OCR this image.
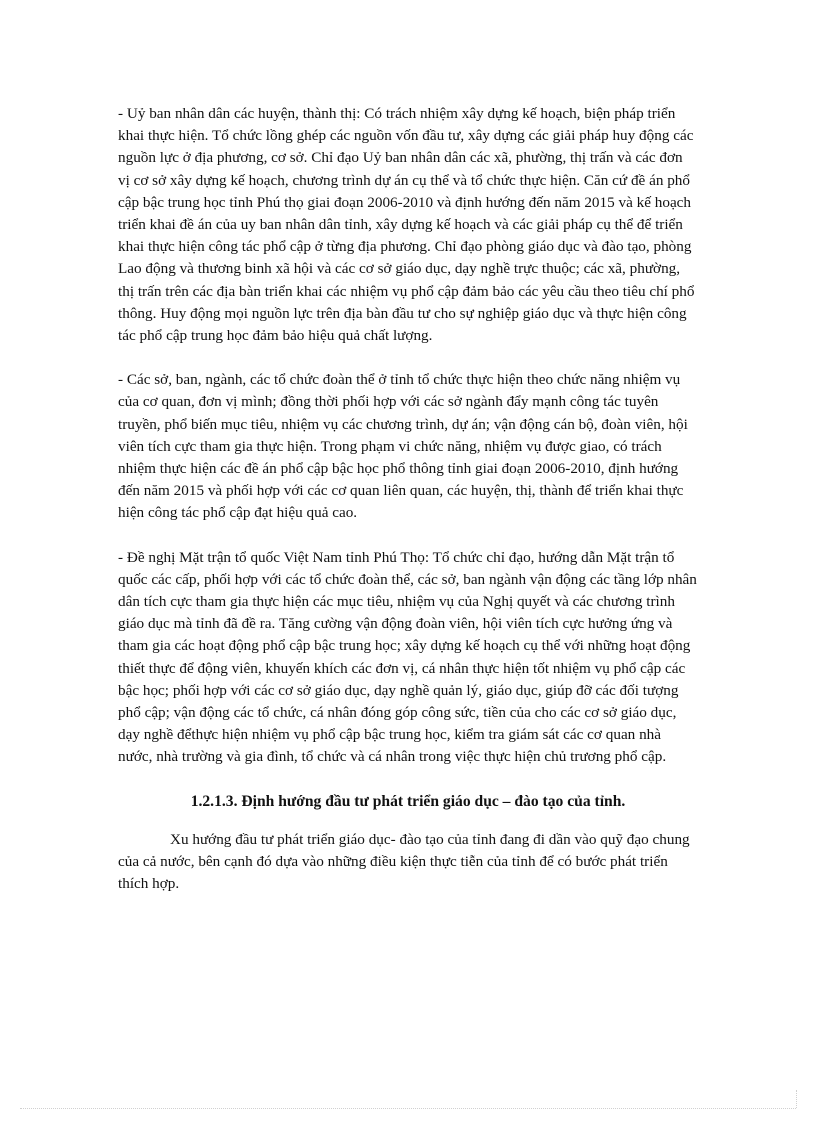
- Uỷ ban nhân dân các huyện, thành thị: Có trách nhiệm xây dựng kế hoạch, biện pháp triển khai thực hiện. Tổ chức lồng ghép các nguồn vốn đầu tư, xây dựng các giải pháp huy động các nguồn lực ở địa phương, cơ sở. Chỉ đạo Uỷ ban nhân dân các xã, phường, thị trấn và các đơn vị cơ sở xây dựng kế hoạch, chương trình dự án cụ thể và tổ chức thực hiện. Căn cứ đề án phổ cập bậc trung học tỉnh Phú thọ giai đoạn 2006-2010 và định hướng đến năm 2015 và kế hoạch triển khai đề án của uy ban nhân dân tỉnh, xây dựng kế hoạch và các giải pháp cụ thể để triển khai thực hiện công tác phổ cập ở từng địa phương. Chỉ đạo phòng giáo dục và đào tạo, phòng Lao động và thương binh xã hội và các cơ sở giáo dục, dạy nghề trực thuộc; các xã, phường, thị trấn trên các địa bàn triển khai các nhiệm vụ phổ cập đảm bảo các yêu cầu theo tiêu chí phổ thông. Huy động mọi nguồn lực trên địa bàn đầu tư cho sự nghiệp giáo dục và thực hiện công tác phổ cập trung học đảm bảo hiệu quả chất lượng.

- Các sở, ban, ngành, các tổ chức đoàn thể ở tỉnh tổ chức thực hiện theo chức năng nhiệm vụ của cơ quan, đơn vị mình; đồng thời phối hợp với các sở ngành đẩy mạnh công tác tuyên truyền, phổ biến mục tiêu, nhiệm vụ các chương trình, dự án; vận động cán bộ, đoàn viên, hội viên tích cực tham gia thực hiện. Trong phạm vi chức năng, nhiệm vụ được giao, có trách nhiệm thực hiện các đề án phổ cập bậc học phổ thông tỉnh giai đoạn 2006-2010, định hướng đến năm 2015 và phối hợp với các cơ quan liên quan, các huyện, thị, thành để triển khai thực hiện công tác phổ cập đạt hiệu quả cao.

- Đề nghị Mặt trận tổ quốc Việt Nam tỉnh Phú Thọ: Tổ chức chỉ đạo, hướng dẫn Mặt trận tổ quốc các cấp, phối hợp với các tổ chức đoàn thể, các sở, ban ngành vận động các tầng lớp nhân dân tích cực tham gia thực hiện các mục tiêu, nhiệm vụ của Nghị quyết và các chương trình giáo dục mà tỉnh đã đề ra. Tăng cường vận động đoàn viên, hội viên tích cực hưởng ứng và tham gia các hoạt động phổ cập bậc trung học; xây dựng kế hoạch cụ thể với những hoạt động thiết thực để động viên, khuyến khích các đơn vị, cá nhân thực hiện tốt nhiệm vụ phổ cập các bậc học; phối hợp với các cơ sở giáo dục, dạy nghề quản lý, giáo dục, giúp đỡ các đối tượng phổ cập; vận động các tổ chức, cá nhân đóng góp công sức, tiền của cho các cơ sở giáo dục, dạy nghề đểthực hiện nhiệm vụ phổ cập bậc trung học, kiểm tra giám sát các cơ quan nhà nước, nhà trường và gia đình, tổ chức và cá nhân trong việc thực hiện chủ trương phổ cập.

1.2.1.3. Định hướng đầu tư phát triển giáo dục – đào tạo của tỉnh.

Xu hướng đầu tư phát triển giáo dục- đào tạo của tỉnh đang đi dần vào quỹ đạo chung của cả nước, bên cạnh đó dựa vào những điều kiện thực tiễn của tỉnh để có bước phát triển thích hợp.
